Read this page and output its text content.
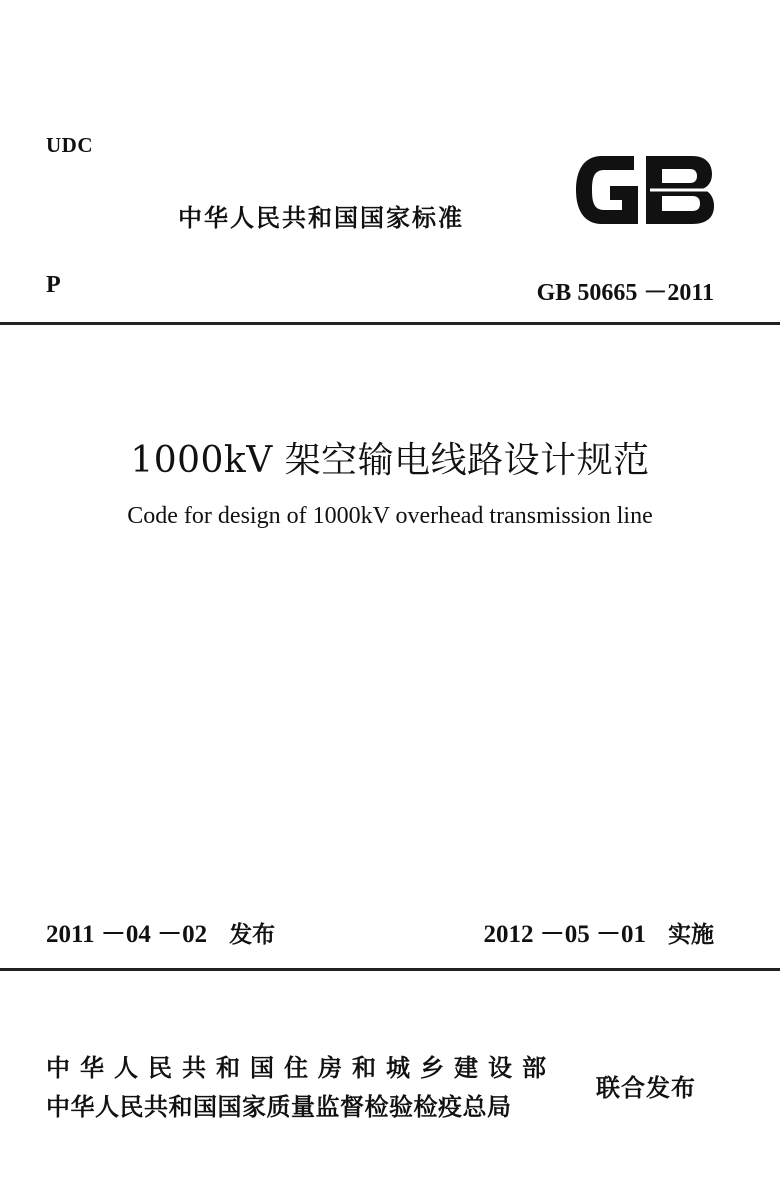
UDC
中华人民共和国国家标准
P	GB 50665 －2011
1000kV 架空输电线路设计规范
Code for design of 1000kV overhead transmission line
2011 －04 －02 发布	2012 －05 －01 实施
中华人民共和国住房和城乡建设部
中华人民共和国国家质量监督检验检疫总局
联合发布
